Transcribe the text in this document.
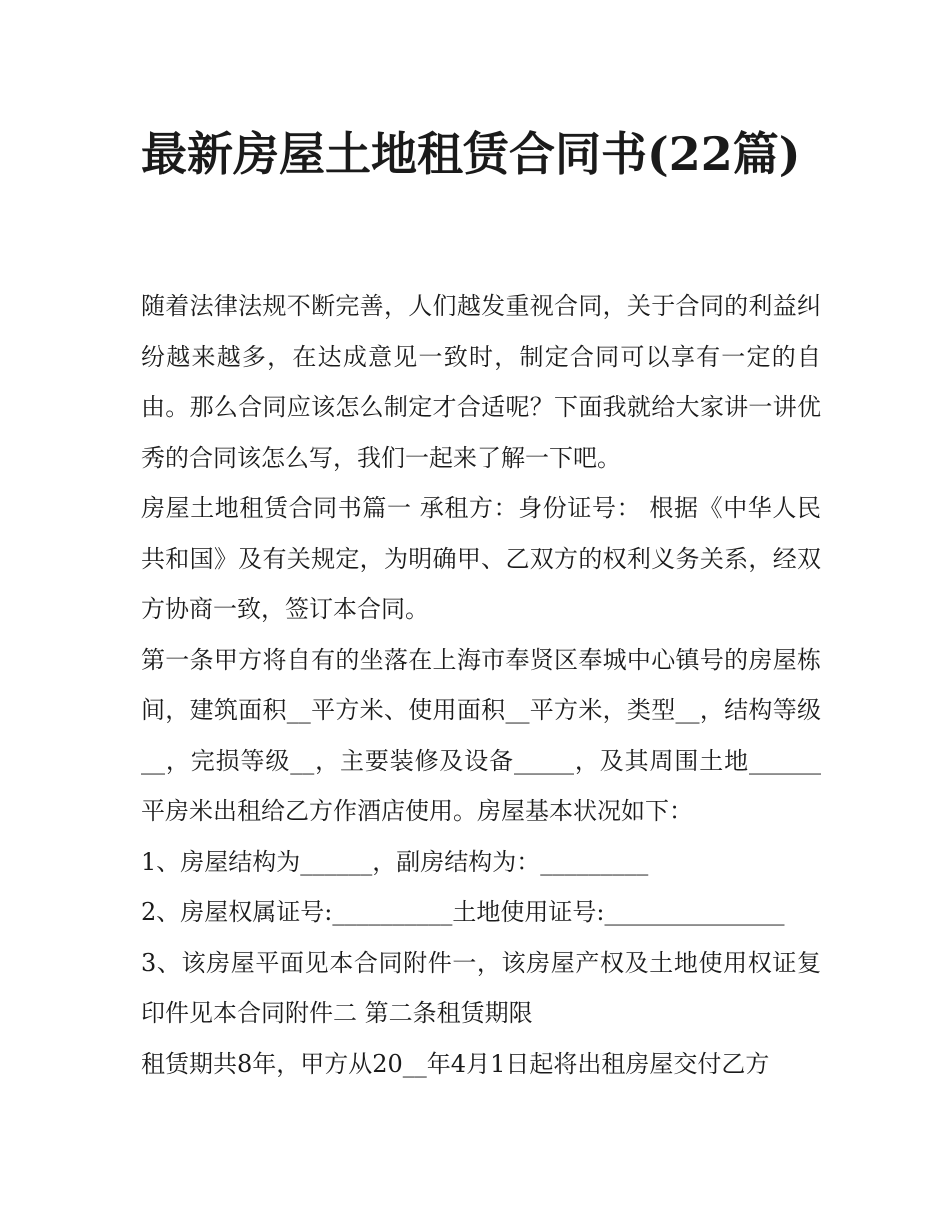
最新房屋土地租赁合同书(22篇)

随着法律法规不断完善，人们越发重视合同，关于合同的利益纠纷越来越多，在达成意见一致时，制定合同可以享有一定的自由。那么合同应该怎么制定才合适呢？下面我就给大家讲一讲优秀的合同该怎么写，我们一起来了解一下吧。

房屋土地租赁合同书篇一 承租方：身份证号： 根据《中华人民共和国》及有关规定，为明确甲、乙双方的权利义务关系，经双方协商一致，签订本合同。

第一条甲方将自有的坐落在上海市奉贤区奉城中心镇号的房屋栋间，建筑面积__平方米、使用面积__平方米，类型__，结构等级__，完损等级__，主要装修及设备_____，及其周围土地______平房米出租给乙方作酒店使用。房屋基本状况如下：

1、房屋结构为______，副房结构为：_________

2、房屋权属证号:__________土地使用证号:_______________

3、该房屋平面见本合同附件一，该房屋产权及土地使用权证复印件见本合同附件二 第二条租赁期限

租赁期共8年，甲方从20__年4月1日起将出租房屋交付乙方
